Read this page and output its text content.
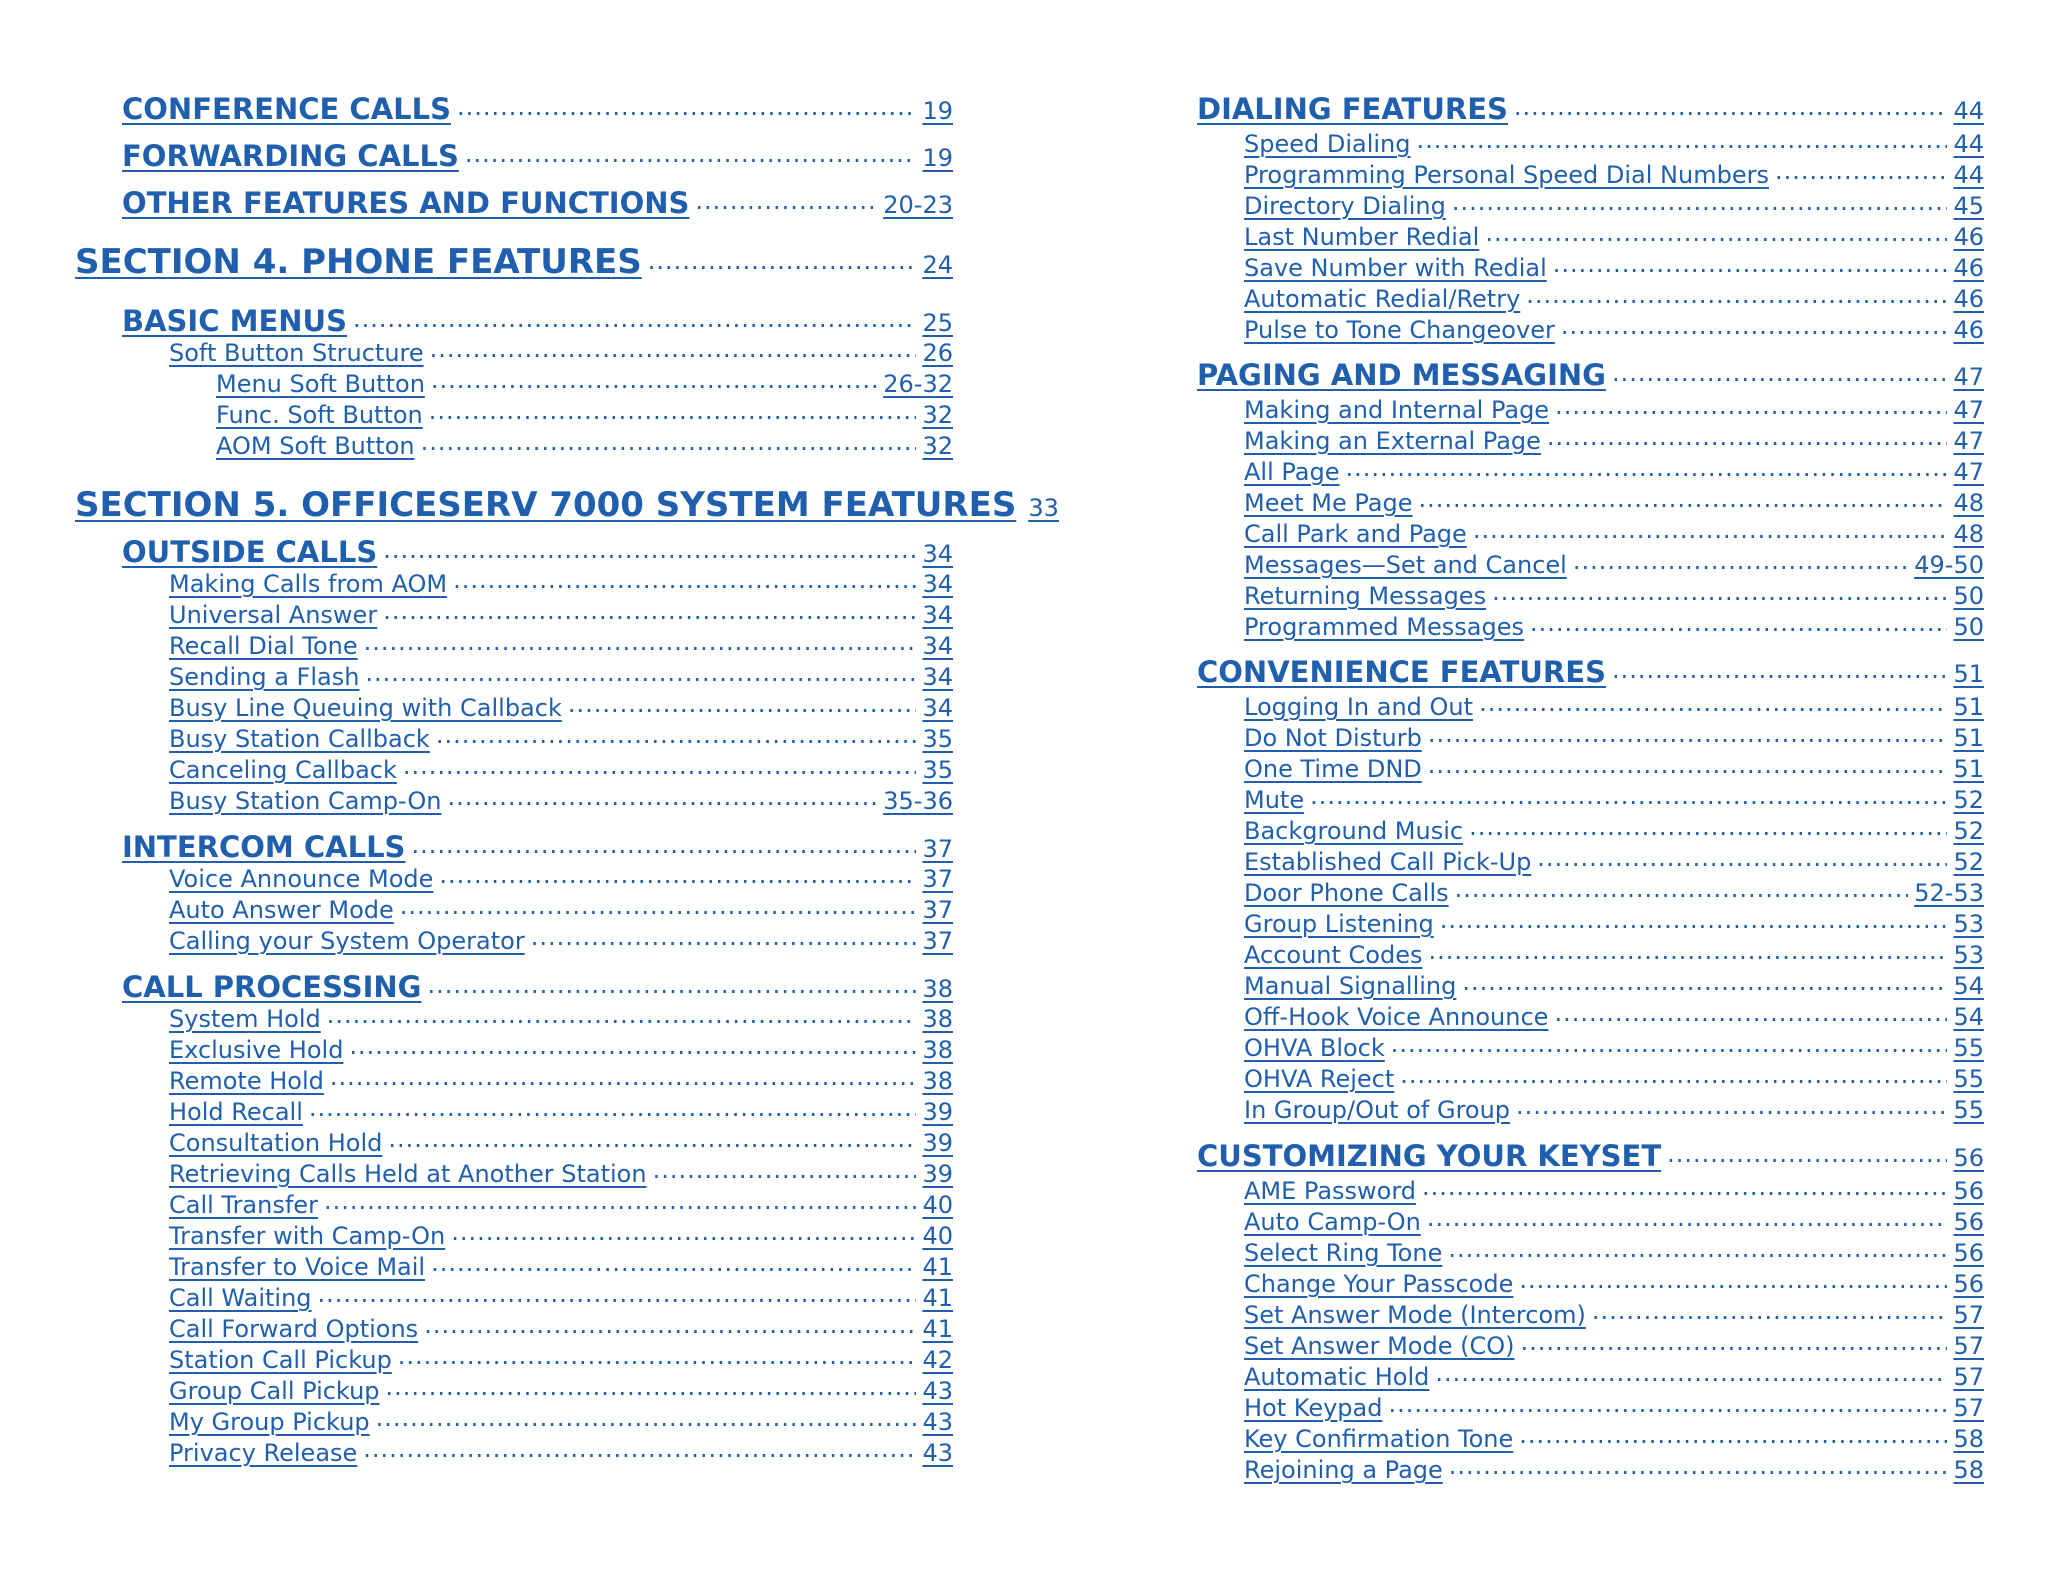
CONFERENCE CALLS .....	19
FORWARDING CALLS .....	19
OTHER FEATURES AND FUNCTIONS .....	20-23
SECTION 4. PHONE FEATURES .....	24
BASIC MENUS .....	25
Soft Button Structure .....	26
Menu Soft Button .....	26-32
Func. Soft Button .....	32
AOM Soft Button .....	32
SECTION 5. OFFICESERV 7000 SYSTEM FEATURES 33
OUTSIDE CALLS .....	34
Making Calls from AOM .....	34
Universal Answer .....	34
Recall Dial Tone .....	34
Sending a Flash .....	34
Busy Line Queuing with Callback .....	34
Busy Station Callback .....	35
Canceling Callback .....	35
Busy Station Camp-On .....	35-36
INTERCOM CALLS .....	37
Voice Announce Mode .....	37
Auto Answer Mode .....	37
Calling your System Operator .....	37
CALL PROCESSING .....	38
System Hold .....	38
Exclusive Hold .....	38
Remote Hold .....	38
Hold Recall .....	39
Consultation Hold .....	39
Retrieving Calls Held at Another Station .....	39
Call Transfer .....	40
Transfer with Camp-On .....	40
Transfer to Voice Mail .....	41
Call Waiting .....	41
Call Forward Options .....	41
Station Call Pickup .....	42
Group Call Pickup .....	43
My Group Pickup .....	43
Privacy Release .....	43
DIALING FEATURES .....	44
Speed Dialing .....	44
Programming Personal Speed Dial Numbers .....	44
Directory Dialing .....	45
Last Number Redial .....	46
Save Number with Redial .....	46
Automatic Redial/Retry .....	46
Pulse to Tone Changeover .....	46
PAGING AND MESSAGING .....	47
Making and Internal Page .....	47
Making an External Page .....	47
All Page .....	47
Meet Me Page .....	48
Call Park and Page .....	48
Messages—Set and Cancel .....	49-50
Returning Messages .....	50
Programmed Messages .....	50
CONVENIENCE FEATURES .....	51
Logging In and Out .....	51
Do Not Disturb .....	51
One Time DND .....	51
Mute .....	52
Background Music .....	52
Established Call Pick-Up .....	52
Door Phone Calls .....	52-53
Group Listening .....	53
Account Codes .....	53
Manual Signalling .....	54
Off-Hook Voice Announce .....	54
OHVA Block .....	55
OHVA Reject .....	55
In Group/Out of Group .....	55
CUSTOMIZING YOUR KEYSET .....	56
AME Password .....	56
Auto Camp-On .....	56
Select Ring Tone .....	56
Change Your Passcode .....	56
Set Answer Mode (Intercom) .....	57
Set Answer Mode (CO) .....	57
Automatic Hold .....	57
Hot Keypad .....	57
Key Confirmation Tone .....	58
Rejoining a Page .....	58
